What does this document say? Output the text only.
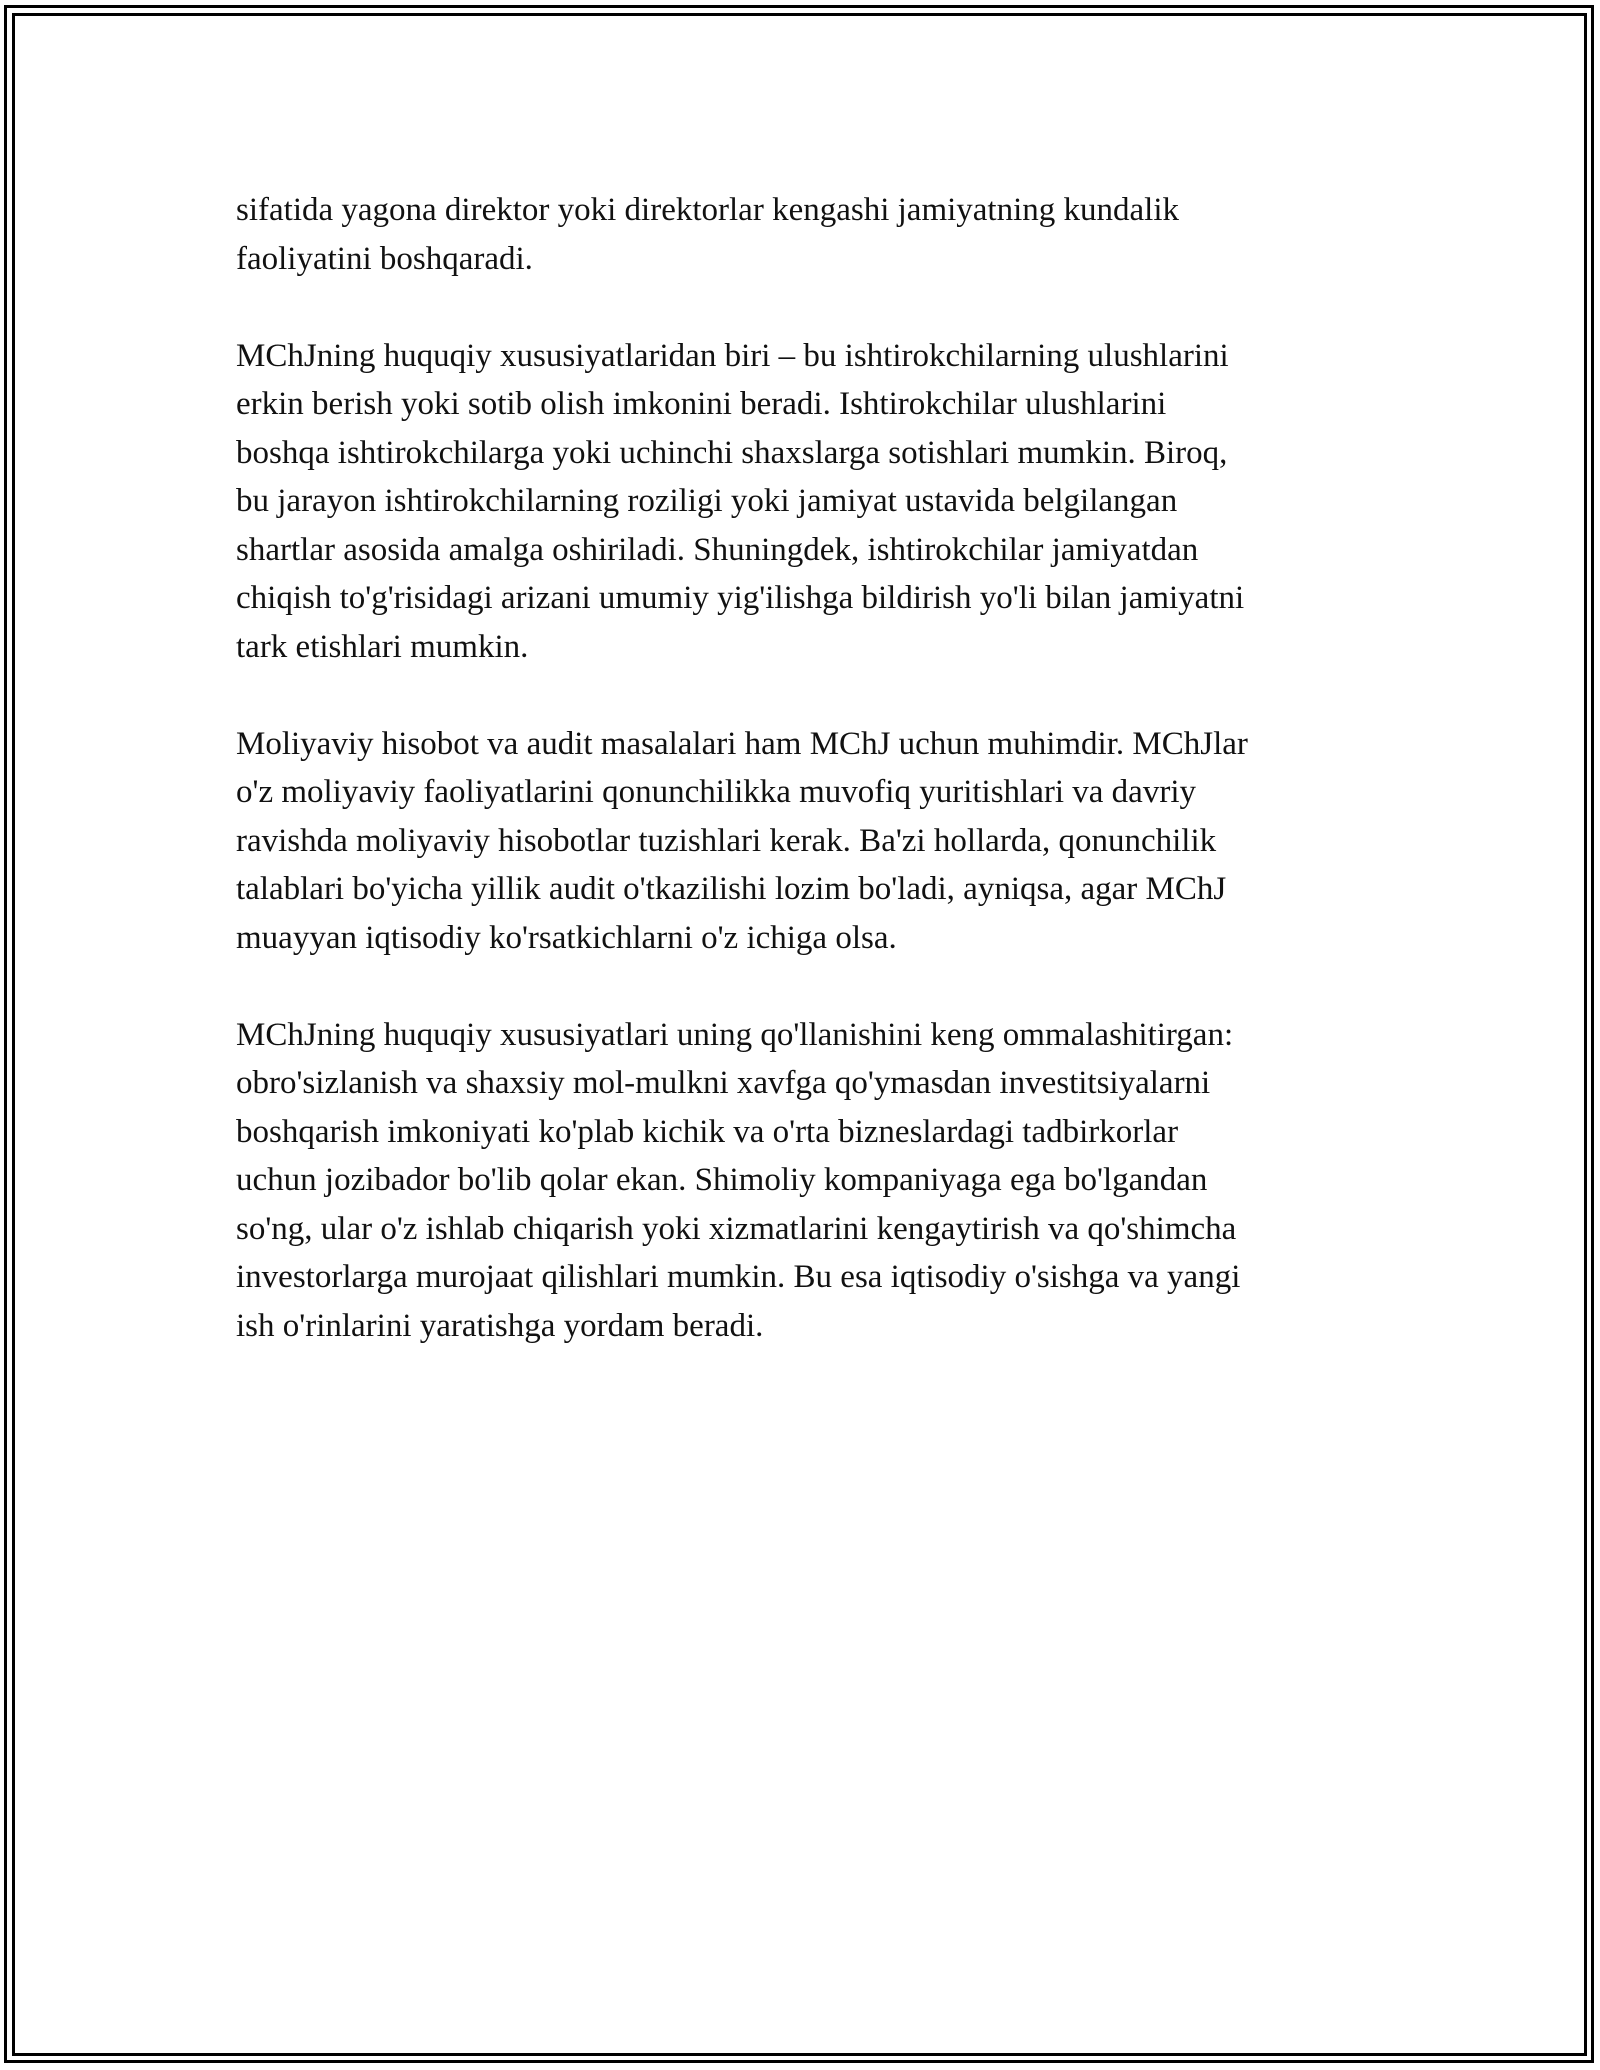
sifatida yagona direktor yoki direktorlar kengashi jamiyatning kundalik
faoliyatini boshqaradi.

MChJning huquqiy xususiyatlaridan biri – bu ishtirokchilarning ulushlarini
erkin berish yoki sotib olish imkonini beradi. Ishtirokchilar ulushlarini
boshqa ishtirokchilarga yoki uchinchi shaxslarga sotishlari mumkin. Biroq,
bu jarayon ishtirokchilarning roziligi yoki jamiyat ustavida belgilangan
shartlar asosida amalga oshiriladi. Shuningdek, ishtirokchilar jamiyatdan
chiqish to'g'risidagi arizani umumiy yig'ilishga bildirish yo'li bilan jamiyatni
tark etishlari mumkin.

Moliyaviy hisobot va audit masalalari ham MChJ uchun muhimdir. MChJlar
o'z moliyaviy faoliyatlarini qonunchilikka muvofiq yuritishlari va davriy
ravishda moliyaviy hisobotlar tuzishlari kerak. Ba'zi hollarda, qonunchilik
talablari bo'yicha yillik audit o'tkazilishi lozim bo'ladi, ayniqsa, agar MChJ
muayyan iqtisodiy ko'rsatkichlarni o'z ichiga olsa.

MChJning huquqiy xususiyatlari uning qo'llanishini keng ommalashitirgan:
obro'sizlanish va shaxsiy mol-mulkni xavfga qo'ymasdan investitsiyalarni
boshqarish imkoniyati ko'plab kichik va o'rta bizneslardagi tadbirkorlar
uchun jozibador bo'lib qolar ekan. Shimoliy kompaniyaga ega bo'lgandan
so'ng, ular o'z ishlab chiqarish yoki xizmatlarini kengaytirish va qo'shimcha
investorlarga murojaat qilishlari mumkin. Bu esa iqtisodiy o'sishga va yangi
ish o'rinlarini yaratishga yordam beradi.
